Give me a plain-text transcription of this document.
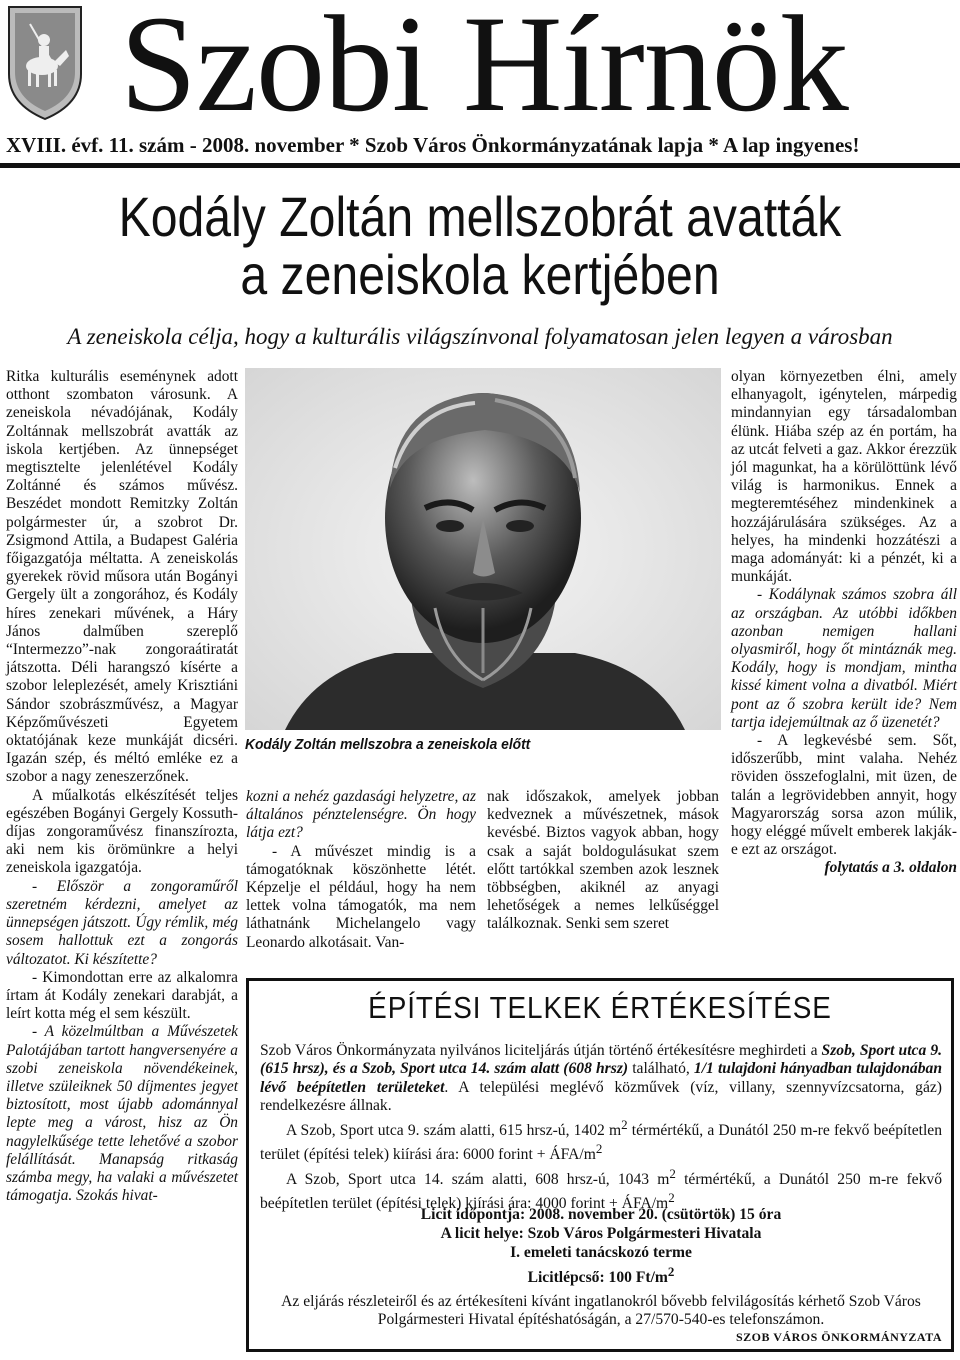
Szobi Hírnök
XVIII. évf. 11. szám - 2008. november * Szob Város Önkormányzatának lapja * A lap ingyenes!
Kodály Zoltán mellszobrát avatták
a zeneiskola kertjében
A zeneiskola célja, hogy a kulturális világszínvonal folyamatosan jelen legyen a városban

Ritka kulturális eseménynek adott otthont szombaton városunk. A zeneiskola névadójának, Kodály Zoltánnak mellszobrát avatták az iskola kertjében. Az ünnepséget megtisztelte jelenlétével Kodály Zoltánné és számos művész. Beszédet mondott Remitzky Zoltán polgármester úr, a szobrot Dr. Zsigmond Attila, a Budapest Galéria főigazgatója méltatta. A zeneiskolás gyerekek rövid műsora után Bogányi Gergely ült a zongorához, és Kodály híres zenekari művének, a Háry János dalműben szereplő “Intermezzo”-nak zongoraátiratát játszotta. Déli harangszó kísérte a szobor leleplezését, amely Krisztiáni Sándor szobrászművész, a Magyar Képzőművészeti Egyetem oktatójának keze munkáját dicséri. Igazán szép, és méltó emléke ez a szobor a nagy zeneszerzőnek.

A műalkotás elkészítését teljes egészében Bogányi Gergely Kossuth-díjas zongoraművész finanszírozta, aki nem kis örömünkre a helyi zeneiskola igazgatója.

- Először a zongoraműről szeretném kérdezni, amelyet az ünnepségen játszott. Úgy rémlik, még sosem hallottuk ezt a zongorás változatot. Ki készítette?

- Kimondottan erre az alkalomra írtam át Kodály zenekari darabját, a leírt kotta még el sem készült.

- A közelmúltban a Művészetek Palotájában tartott hangversenyére a szobi zeneiskola növendékeinek, illetve szüleiknek 50 díjmentes jegyet biztosított, most újabb adománnyal lepte meg a várost, hisz az Ön nagylelkűsége tette lehetővé a szobor felállítását. Manapság ritkaság számba megy, ha valaki a művészetet támogatja. Szokás hivat-

Kodály Zoltán mellszobra a zeneiskola előtt

kozni a nehéz gazdasági helyzetre, az általános pénztelenségre. Ön hogy látja ezt?

- A művészet mindig is a támogatóknak köszönhette létét. Képzelje el például, hogy ha nem lettek volna támogatók, ma nem láthatnánk Michelangelo vagy Leonardo alkotásait. Van-

nak időszakok, amelyek jobban kedveznek a művészetnek, mások kevésbé. Biztos vagyok abban, hogy csak a saját boldogulásukat szem előtt tartókkal szemben azok lesznek többségben, akiknél az anyagi lehetőségek a nemes lelkűséggel találkoznak. Senki sem szeret

olyan környezetben élni, amely elhanyagolt, igénytelen, márpedig mindannyian egy társadalomban élünk. Hiába szép az én portám, ha az utcát felveti a gaz. Akkor érezzük jól magunkat, ha a körülöttünk lévő világ is harmonikus. Ennek a megteremtéséhez mindenkinek a hozzájárulására szükséges. Az a helyes, ha mindenki hozzátészi a maga adományát: ki a pénzét, ki a munkáját.

- Kodálynak számos szobra áll az országban. Az utóbbi időkben azonban nemigen hallani olyasmiről, hogy őt mintáznák meg. Kodály, hogy is mondjam, mintha kissé kiment volna a divatból. Miért pont az ő szobra került ide? Nem tartja idejemúltnak az ő üzenetét?

- A legkevésbé sem. Sőt, időszerűbb, mint valaha. Nehéz röviden összefoglalni, mit üzen, de talán a legrövidebben annyit, hogy Magyarország sorsa azon múlik, hogy eléggé művelt emberek lakják-e ezt az országot.

folytatás a 3. oldalon

ÉPÍTÉSI TELKEK ÉRTÉKESÍTÉSE

Szob Város Önkormányzata nyilvános liciteljárás útján történő értékesítésre meghirdeti a Szob, Sport utca 9. (615 hrsz), és a Szob, Sport utca 14. szám alatt (608 hrsz) található, 1/1 tulajdoni hányadban tulajdonában lévő beépítetlen területeket. A települési meglévő közművek (víz, villany, szennyvízcsatorna, gáz) rendelkezésre állnak.

A Szob, Sport utca 9. szám alatti, 615 hrsz-ú, 1402 $m^2$ térmértékű, a Dunától 250 m-re fekvő beépítetlen terület (építési telek) kiírási ára: 6000 forint + ÁFA/$m^2$

A Szob, Sport utca 14. szám alatti, 608 hrsz-ú, 1043 $m^2$ térmértékű, a Dunától 250 m-re fekvő beépítetlen terület (építési telek) kiírási ára: 4000 forint + ÁFA/$m^2$

Licit időpontja: 2008. november 20. (csütörtök) 15 óra
A licit helye: Szob Város Polgármesteri Hivatala
I. emeleti tanácskozó terme
Licitlépcső: 100 $Ft/m^2$
Az eljárás részleteiről és az értékesíteni kívánt ingatlanokról bővebb felvilágosítás kérhető Szob Város Polgármesteri Hivatal építéshatóságán, a 27/570-540-es telefonszámon.
SZOB VÁROS ÖNKORMÁNYZATA
